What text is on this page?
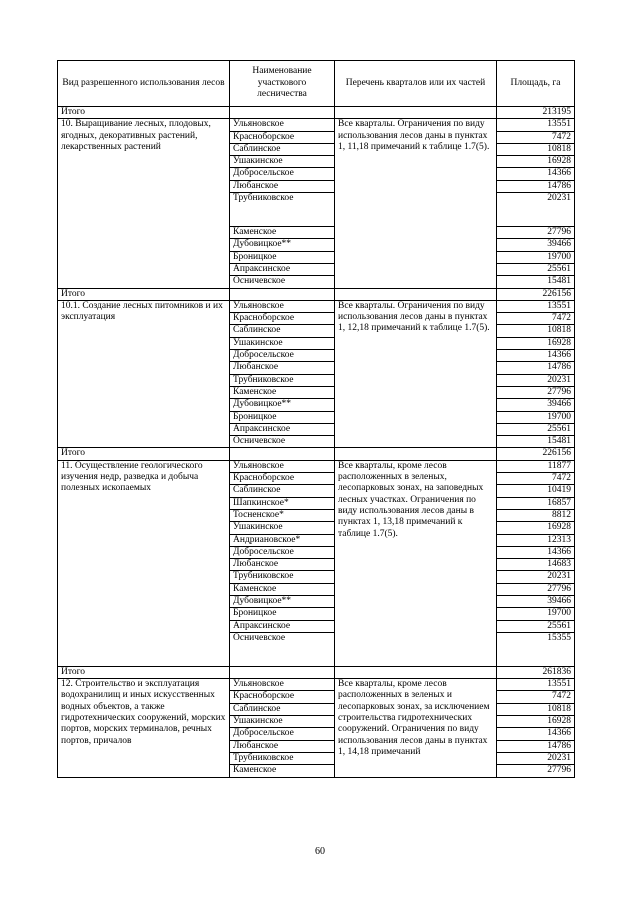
Вид разрешенного использования лесов	Наименование участкового лесничества	Перечень кварталов или их частей	Площадь, га
Итого			213195
10. Выращивание лесных, плодовых, ягодных, декоративных растений, лекарственных растений	Ульяновское	Все кварталы. Ограничения по виду использования лесов даны в пунктах 1, 11,18 примечаний к таблице 1.7(5).	13551
	Красноборское		7472
	Саблинское		10818
	Ушакинское		16928
	Добросельское		14366
	Любанское		14786
	Трубниковское		20231
	Каменское		27796
	Дубовицкое**		39466
	Броницкое		19700
	Апраксинское		25561
	Осничевское		15481
Итого			226156
10.1. Создание лесных питомников и их эксплуатация	Ульяновское	Все кварталы. Ограничения по виду использования лесов даны в пунктах 1, 12,18 примечаний к таблице 1.7(5).	13551
	Красноборское		7472
	Саблинское		10818
	Ушакинское		16928
	Добросельское		14366
	Любанское		14786
	Трубниковское		20231
	Каменское		27796
	Дубовицкое**		39466
	Броницкое		19700
	Апраксинское		25561
	Осничевское		15481
Итого			226156
11. Осуществление геологического изучения недр, разведка и добыча полезных ископаемых	Ульяновское	Все кварталы, кроме лесов расположенных в зеленых, лесопарковых зонах, на заповедных лесных участках. Ограничения по виду использования лесов даны в пунктах 1, 13,18 примечаний к таблице 1.7(5).	11877
	Красноборское		7472
	Саблинское		10419
	Шапкинское*		16857
	Тосненское*		8812
	Ушакинское		16928
	Андриановское*		12313
	Добросельское		14366
	Любанское		14683
	Трубниковское		20231
	Каменское		27796
	Дубовицкое**		39466
	Броницкое		19700
	Апраксинское		25561
	Осничевское		15355
Итого			261836
12. Строительство и эксплуатация водохранилищ и иных искусственных водных объектов, а также гидротехнических сооружений, морских портов, морских терминалов, речных портов, причалов	Ульяновское	Все кварталы, кроме лесов расположенных в зеленых и лесопарковых зонах, за исключением строительства гидротехнических сооружений. Ограничения по виду использования лесов даны в пунктах 1, 14,18 примечаний	13551
	Красноборское		7472
	Саблинское		10818
	Ушакинское		16928
	Добросельское		14366
	Любанское		14786
	Трубниковское		20231
	Каменское		27796
60
